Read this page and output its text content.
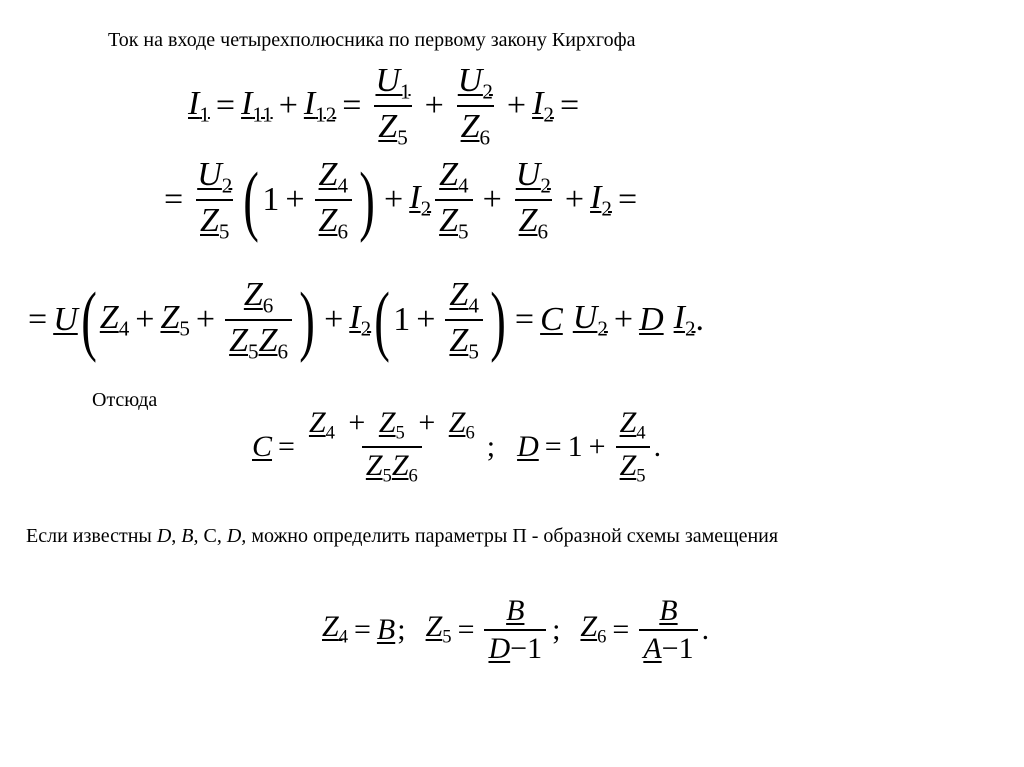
Ток на входе четырехполюсника по первому закону Кирхгофа
$I_1 = I_{11} + I_{12} = \frac{U_1}{Z_5} + \frac{U_2}{Z_6} + I_2$ =
= $\frac{U_2}{Z_5}$ ( $1 + \frac{Z_4}{Z_6}$ ) + $I_2 \frac{Z_4}{Z_5} + \frac{U_2}{Z_6} + I_2$ =
= U ( $Z_4 + Z_5 + \frac{Z_6}{Z_5Z_6}$ ) + $I_2$ ( $1 + \frac{Z_4}{Z_5}$ ) = C $U_2 + D$ $I_2$ .
Отсюда
$C = \frac{Z_4 + Z_5 + Z_6}{Z_5Z_6}$ ; $D = 1 + \frac{Z_4}{Z_5}$ .
Если известны D, B, С, D, можно определить параметры П - образной схемы замещения
$Z_4 = B$ ; $Z_5 = \frac{B}{D-1}$ ; $Z_6 = \frac{B}{A-1}$ .
